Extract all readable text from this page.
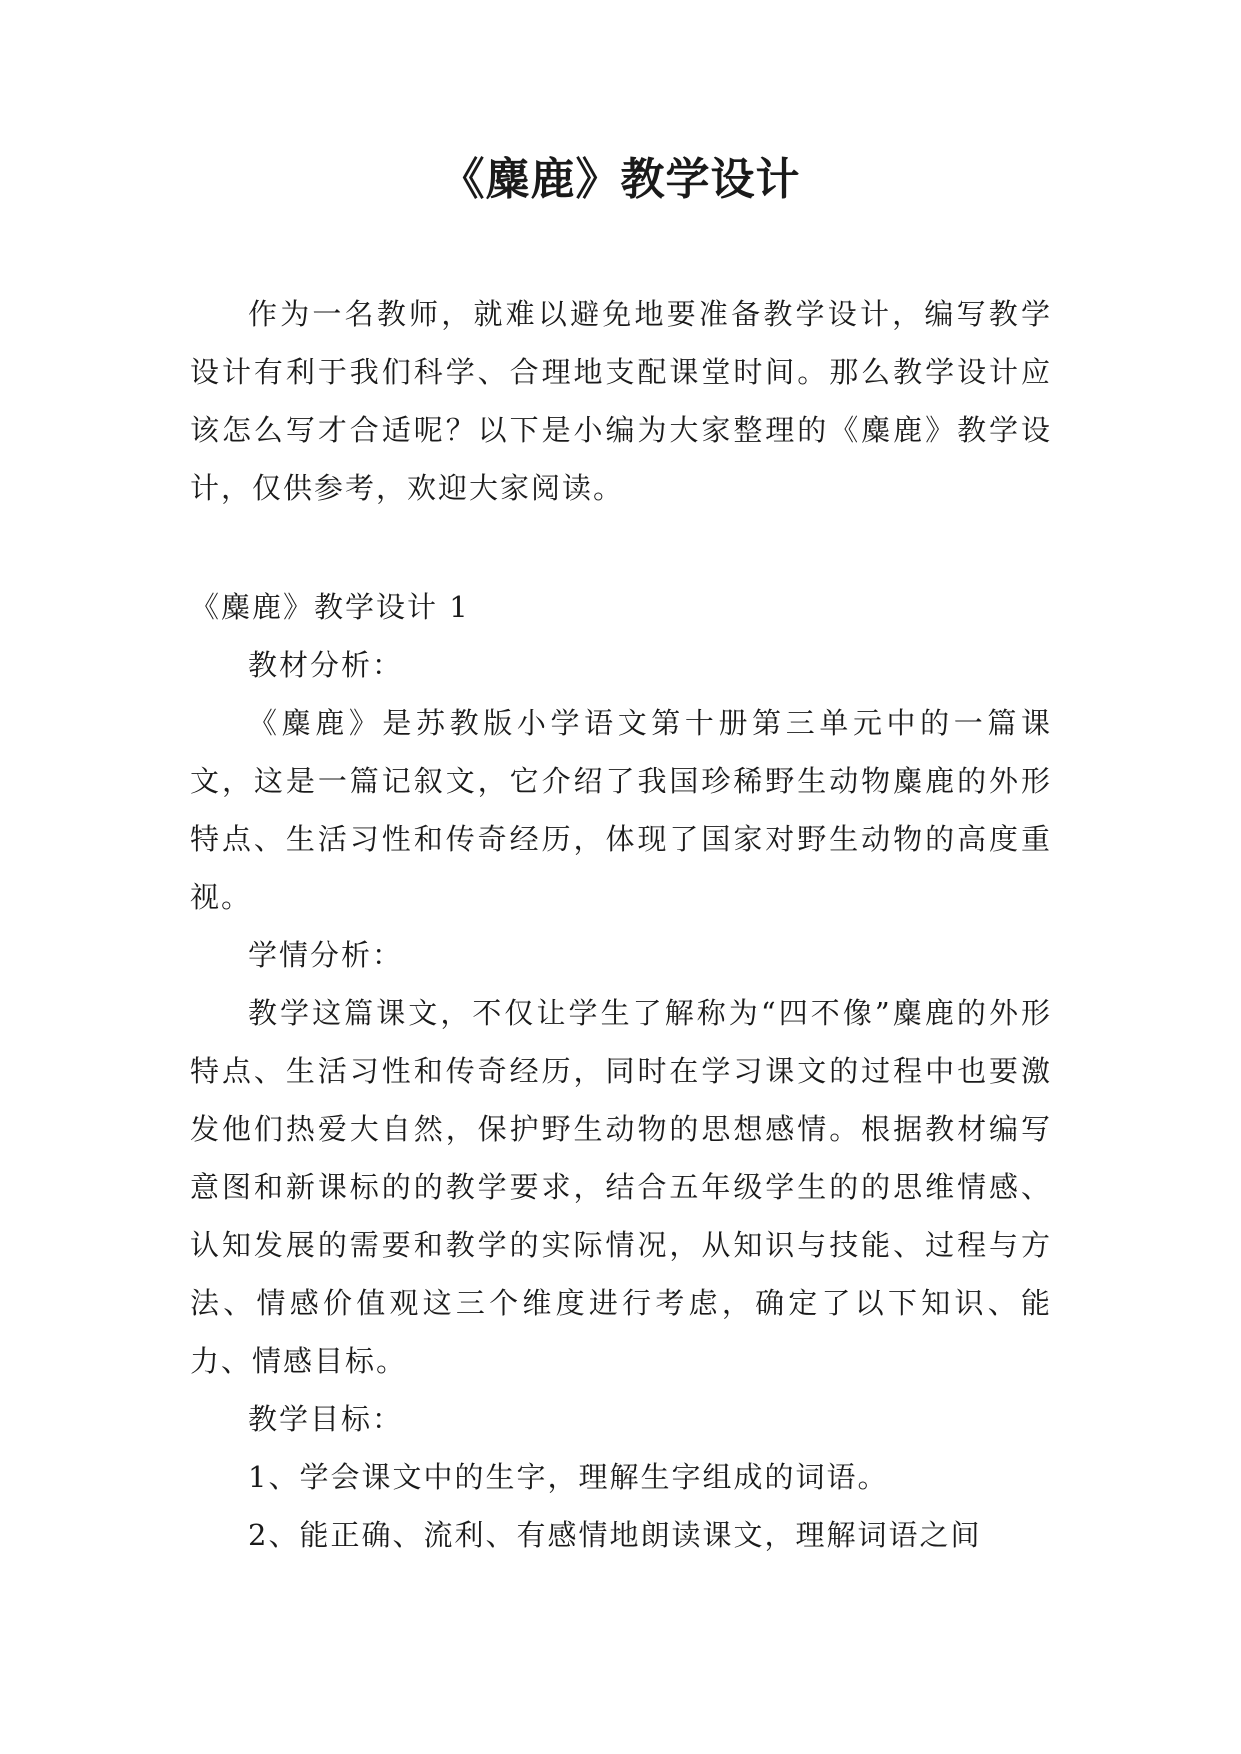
《麋鹿》教学设计

作为一名教师，就难以避免地要准备教学设计，编写教学设计有利于我们科学、合理地支配课堂时间。那么教学设计应该怎么写才合适呢？以下是小编为大家整理的《麋鹿》教学设计，仅供参考，欢迎大家阅读。

《麋鹿》教学设计 1

教材分析：

《麋鹿》是苏教版小学语文第十册第三单元中的一篇课文，这是一篇记叙文，它介绍了我国珍稀野生动物麋鹿的外形特点、生活习性和传奇经历，体现了国家对野生动物的高度重视。

学情分析：

教学这篇课文，不仅让学生了解称为“四不像”麋鹿的外形特点、生活习性和传奇经历，同时在学习课文的过程中也要激发他们热爱大自然，保护野生动物的思想感情。根据教材编写意图和新课标的的教学要求，结合五年级学生的的思维情感、认知发展的需要和教学的实际情况，从知识与技能、过程与方法、情感价值观这三个维度进行考虑，确定了以下知识、能力、情感目标。

教学目标：

1、学会课文中的生字，理解生字组成的词语。

2、能正确、流利、有感情地朗读课文，理解词语之间
